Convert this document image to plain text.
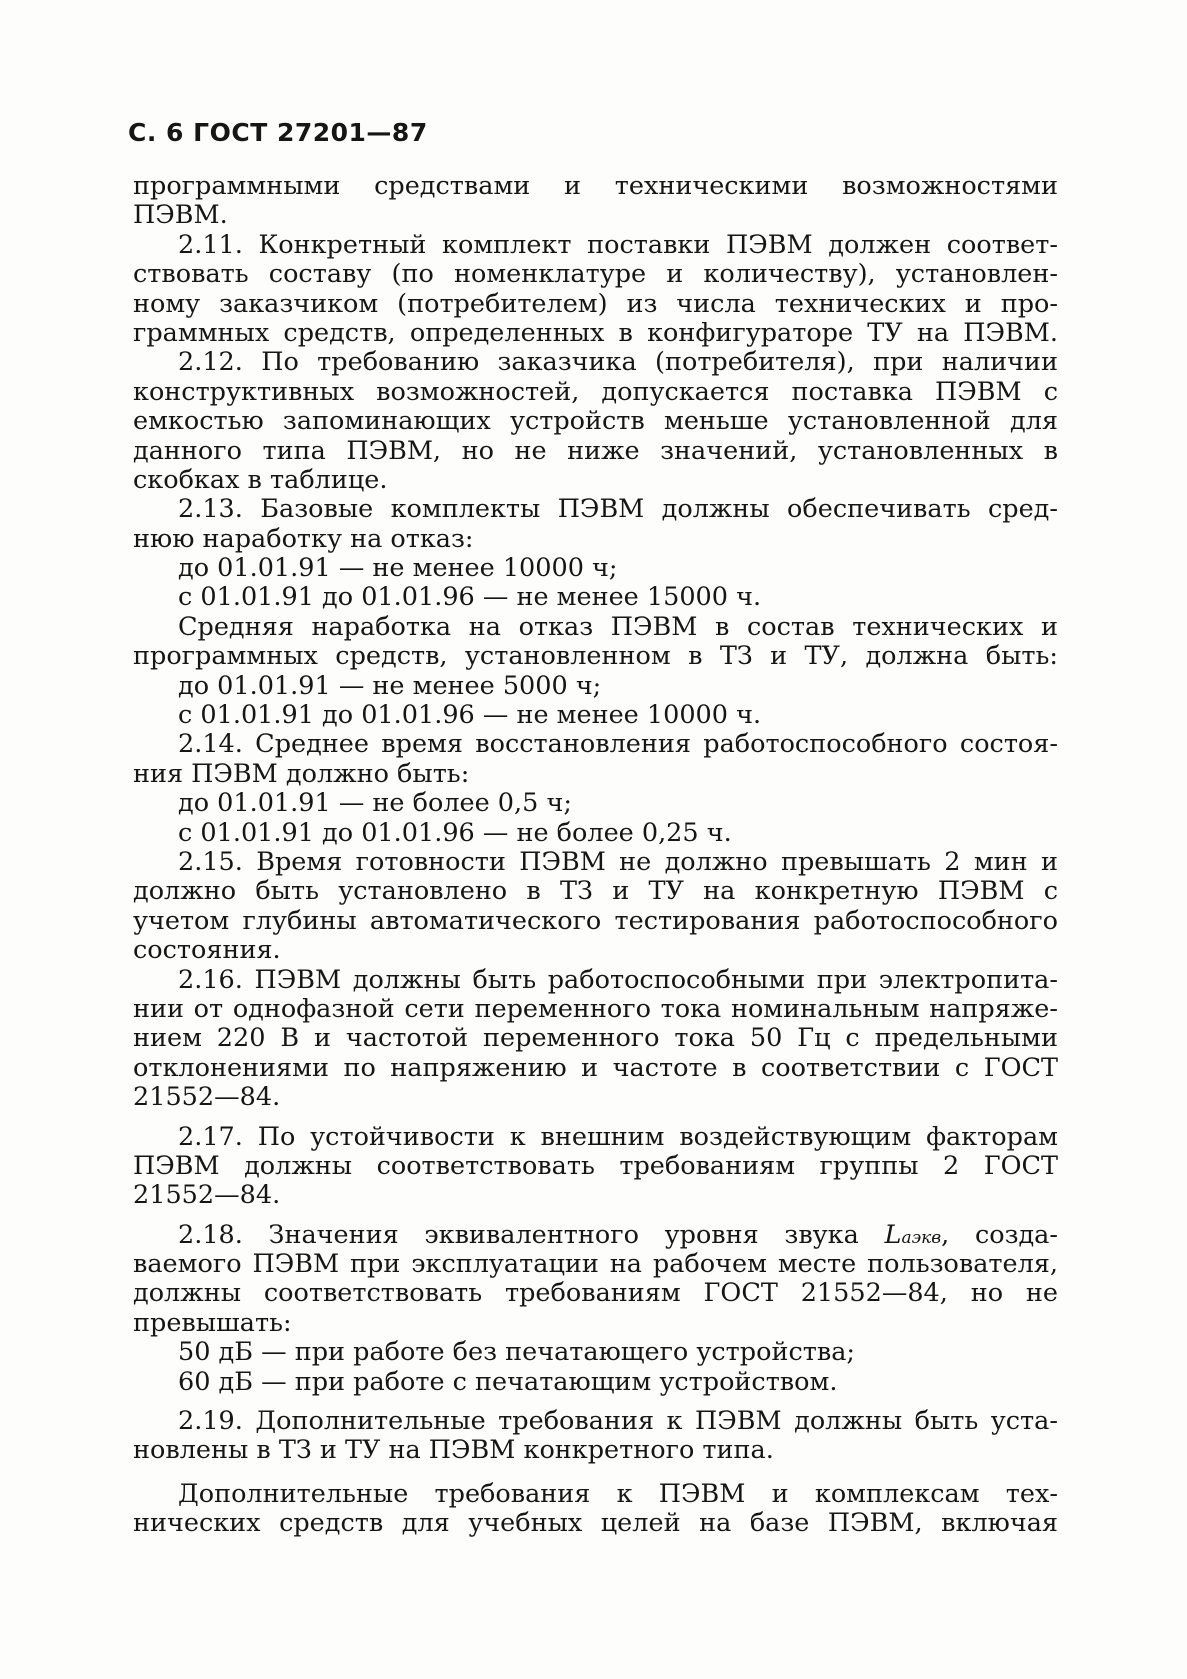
С. 6 ГОСТ 27201—87
программными средствами и техническими возможностями
ПЭВМ.
2.11. Конкретный комплект поставки ПЭВМ должен соответ-
ствовать составу (по номенклатуре и количеству), установлен-
ному заказчиком (потребителем) из числа технических и про-
граммных средств, определенных в конфигураторе ТУ на ПЭВМ.
2.12. По требованию заказчика (потребителя), при наличии
конструктивных возможностей, допускается поставка ПЭВМ с
емкостью запоминающих устройств меньше установленной для
данного типа ПЭВМ, но не ниже значений, установленных в
скобках в таблице.
2.13. Базовые комплекты ПЭВМ должны обеспечивать сред-
нюю наработку на отказ:
до 01.01.91 — не менее 10000 ч;
с 01.01.91 до 01.01.96 — не менее 15000 ч.
Средняя наработка на отказ ПЭВМ в состав технических и
программных средств, установленном в ТЗ и ТУ, должна быть:
до 01.01.91 — не менее 5000 ч;
с 01.01.91 до 01.01.96 — не менее 10000 ч.
2.14. Среднее время восстановления работоспособного состоя-
ния ПЭВМ должно быть:
до 01.01.91 — не более 0,5 ч;
с 01.01.91 до 01.01.96 — не более 0,25 ч.
2.15. Время готовности ПЭВМ не должно превышать 2 мин и
должно быть установлено в ТЗ и ТУ на конкретную ПЭВМ с
учетом глубины автоматического тестирования работоспособного
состояния.
2.16. ПЭВМ должны быть работоспособными при электропита-
нии от однофазной сети переменного тока номинальным напряже-
нием 220 В и частотой переменного тока 50 Гц с предельными
отклонениями по напряжению и частоте в соответствии с ГОСТ
21552—84.
2.17. По устойчивости к внешним воздействующим факторам
ПЭВМ должны соответствовать требованиям группы 2 ГОСТ
21552—84.
2.18. Значения эквивалентного уровня звука Lаэкв, созда-
ваемого ПЭВМ при эксплуатации на рабочем месте пользователя,
должны соответствовать требованиям ГОСТ 21552—84, но не
превышать:
50 дБ — при работе без печатающего устройства;
60 дБ — при работе с печатающим устройством.
2.19. Дополнительные требования к ПЭВМ должны быть уста-
новлены в ТЗ и ТУ на ПЭВМ конкретного типа.
Дополнительные требования к ПЭВМ и комплексам тех-
нических средств для учебных целей на базе ПЭВМ, включая
